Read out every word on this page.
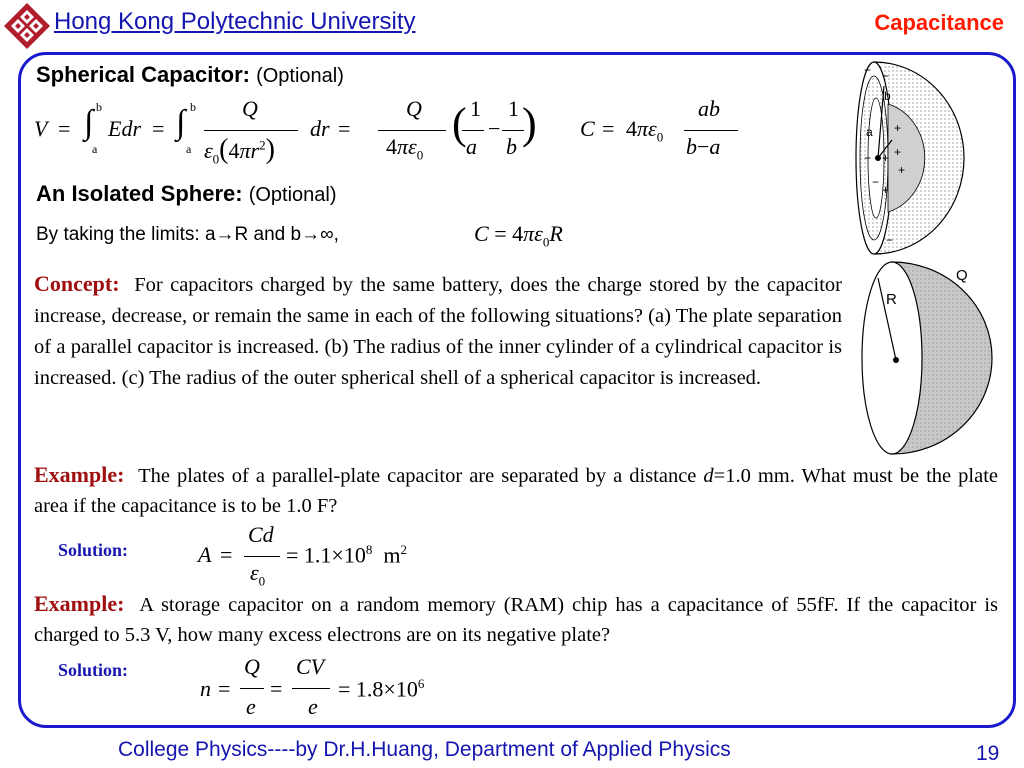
Hong Kong Polytechnic University	Capacitance
Spherical Capacitor: (Optional)
V = ∫ b
a
Edr = ∫ b
a
Q
$\varepsilon_0(4\pi r^2)$
dr =
Q
$4\pi\varepsilon_0$
( 1
a
−
1
b ) $C = 4\pi\varepsilon_0$
ab
b−a
An Isolated Sphere: (Optional)
By taking the limits: a→R and b→∞,	$C = 4\pi\varepsilon_0R$
Concept: For capacitors charged by the same battery, does the charge stored by the capacitor increase, decrease, or remain the same in each of the following situations? (a) The plate separation of a parallel capacitor is increased. (b) The radius of the inner cylinder of a cylindrical capacitor is increased. (c) The radius of the outer spherical shell of a spherical capacitor is increased.
Example: The plates of a parallel-plate capacitor are separated by a distance d=1.0 mm. What must be the plate area if the capacitance is to be 1.0 F?
Solution:	A =
Cd
$\varepsilon_0$
= $1.1\times 10^8$  $m^2$
Example: A storage capacitor on a random memory (RAM) chip has a capacitance of 55fF. If the capacitor is charged to 5.3 V, how many excess electrons are on its negative plate?
Solution:
n =
Q
e
=
CV
e
= $1.8\times 10^6$
b
a
− −
−
−
−
+
+
+
+
+
Q
R
College Physics----by Dr.H.Huang, Department of Applied Physics	19
